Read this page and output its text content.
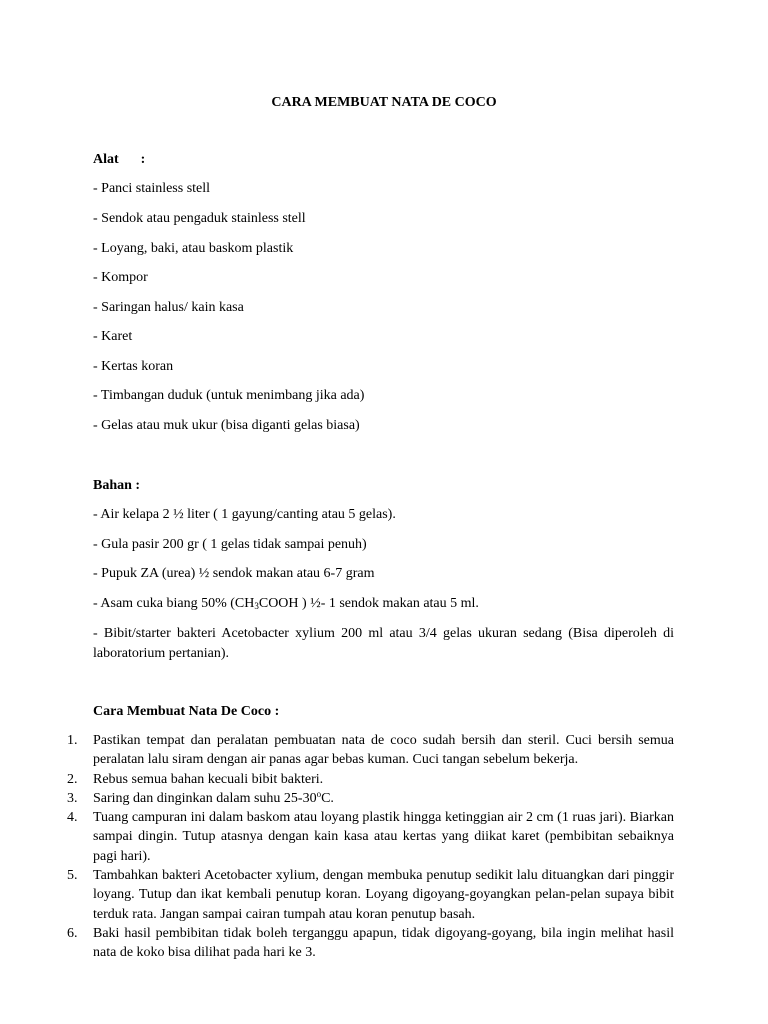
CARA MEMBUAT NATA DE COCO
Alat :
- Panci stainless stell
- Sendok atau pengaduk stainless stell
- Loyang, baki, atau baskom plastik
- Kompor
- Saringan halus/ kain kasa
- Karet
- Kertas koran
- Timbangan duduk (untuk menimbang jika ada)
- Gelas atau muk ukur (bisa diganti gelas biasa)
Bahan :
- Air kelapa 2 ½ liter ( 1 gayung/canting atau 5 gelas).
- Gula pasir 200 gr ( 1 gelas tidak sampai penuh)
- Pupuk ZA (urea) ½ sendok makan atau 6-7 gram
- Asam cuka biang 50% ($CH_3COOH$ ) ½- 1 sendok makan atau 5 ml.
- Bibit/starter bakteri Acetobacter xylium 200 ml atau 3/4 gelas ukuran sedang (Bisa diperoleh di laboratorium pertanian).
Cara Membuat Nata De Coco :
1. Pastikan tempat dan peralatan pembuatan nata de coco sudah bersih dan steril. Cuci bersih semua peralatan lalu siram dengan air panas agar bebas kuman. Cuci tangan sebelum bekerja.
2. Rebus semua bahan kecuali bibit bakteri.
3. Saring dan dinginkan dalam suhu 25-30$^o$C.
4. Tuang campuran ini dalam baskom atau loyang plastik hingga ketinggian air 2 cm (1 ruas jari). Biarkan sampai dingin. Tutup atasnya dengan kain kasa atau kertas yang diikat karet (pembibitan sebaiknya pagi hari).
5. Tambahkan bakteri Acetobacter xylium, dengan membuka penutup sedikit lalu dituangkan dari pinggir loyang. Tutup dan ikat kembali penutup koran. Loyang digoyang-goyangkan pelan-pelan supaya bibit terduk rata. Jangan sampai cairan tumpah atau koran penutup basah.
6. Baki hasil pembibitan tidak boleh terganggu apapun, tidak digoyang-goyang, bila ingin melihat hasil nata de koko bisa dilihat pada hari ke 3.
